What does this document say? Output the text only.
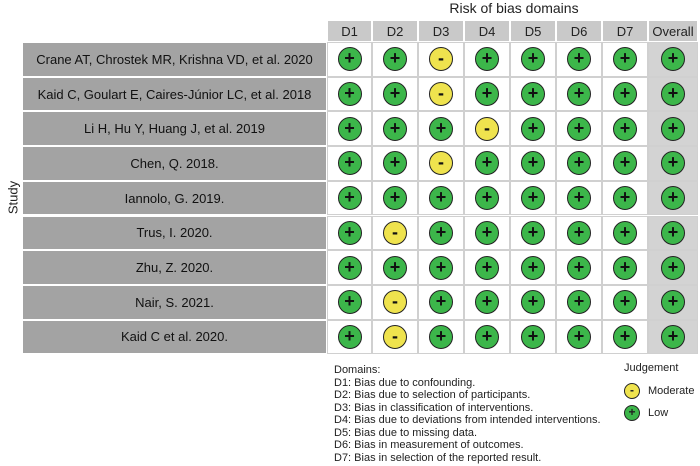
Risk of bias domains
Study
D1	D2	D3	D4	D5	D6	D7	Overall
Crane AT, Chrostek MR, Krishna VD, et al. 2020	+	+	-	+	+	+	+	+
Kaid C, Goulart E, Caires-Júnior LC, et al. 2018	+	+	-	+	+	+	+	+
Li H, Hu Y, Huang J, et al. 2019	+	+	+	-	+	+	+	+
Chen, Q. 2018.	+	+	-	+	+	+	+	+
Iannolo, G. 2019.	+	+	+	+	+	+	+	+
Trus, I. 2020.	+	-	+	+	+	+	+	+
Zhu, Z. 2020.	+	+	+	+	+	+	+	+
Nair, S. 2021.	+	-	+	+	+	+	+	+
Kaid C et al. 2020.	+	-	+	+	+	+	+	+
Domains:
D1: Bias due to confounding.
D2: Bias due to selection of participants.
D3: Bias in classification of interventions.
D4: Bias due to deviations from intended interventions.
D5: Bias due to missing data.
D6: Bias in measurement of outcomes.
D7: Bias in selection of the reported result.
Judgement
-	Moderate
+	Low
